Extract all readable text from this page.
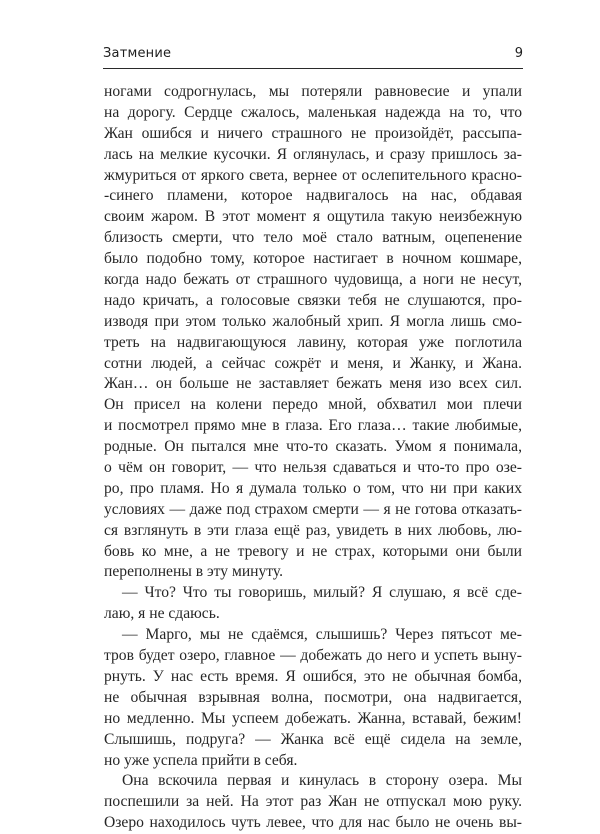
Затмение	9
ногами содрогнулась, мы потеряли равновесие и упали
на дорогу. Сердце сжалось, маленькая надежда на то, что
Жан ошибся и ничего страшного не произойдёт, рассыпа-
лась на мелкие кусочки. Я оглянулась, и сразу пришлось за-
жмуриться от яркого света, вернее от ослепительного красно-
-синего пламени, которое надвигалось на нас, обдавая
своим жаром. В этот момент я ощутила такую неизбежную
близость смерти, что тело моё стало ватным, оцепенение
было подобно тому, которое настигает в ночном кошмаре,
когда надо бежать от страшного чудовища, а ноги не несут,
надо кричать, а голосовые связки тебя не слушаются, про-
изводя при этом только жалобный хрип. Я могла лишь смо-
треть на надвигающуюся лавину, которая уже поглотила
сотни людей, а сейчас сожрёт и меня, и Жанку, и Жана.
Жан… он больше не заставляет бежать меня изо всех сил.
Он присел на колени передо мной, обхватил мои плечи
и посмотрел прямо мне в глаза. Его глаза… такие любимые,
родные. Он пытался мне что-то сказать. Умом я понимала,
о чём он говорит, — что нельзя сдаваться и что-то про озе-
ро, про пламя. Но я думала только о том, что ни при каких
условиях — даже под страхом смерти — я не готова отказать-
ся взглянуть в эти глаза ещё раз, увидеть в них любовь, лю-
бовь ко мне, а не тревогу и не страх, которыми они были
переполнены в эту минуту.
— Что? Что ты говоришь, милый? Я слушаю, я всё сде-
лаю, я не сдаюсь.
— Марго, мы не сдаёмся, слышишь? Через пятьсот ме-
тров будет озеро, главное — добежать до него и успеть вынy-
рнуть. У нас есть время. Я ошибся, это не обычная бомба,
не обычная взрывная волна, посмотри, она надвигается,
но медленно. Мы успеем добежать. Жанна, вставай, бежим!
Слышишь, подруга? — Жанка всё ещё сидела на земле,
но уже успела прийти в себя.
Она вскочила первая и кинулась в сторону озера. Мы
поспешили за ней. На этот раз Жан не отпускал мою руку.
Озеро находилось чуть левее, что для нас было не очень вы-
